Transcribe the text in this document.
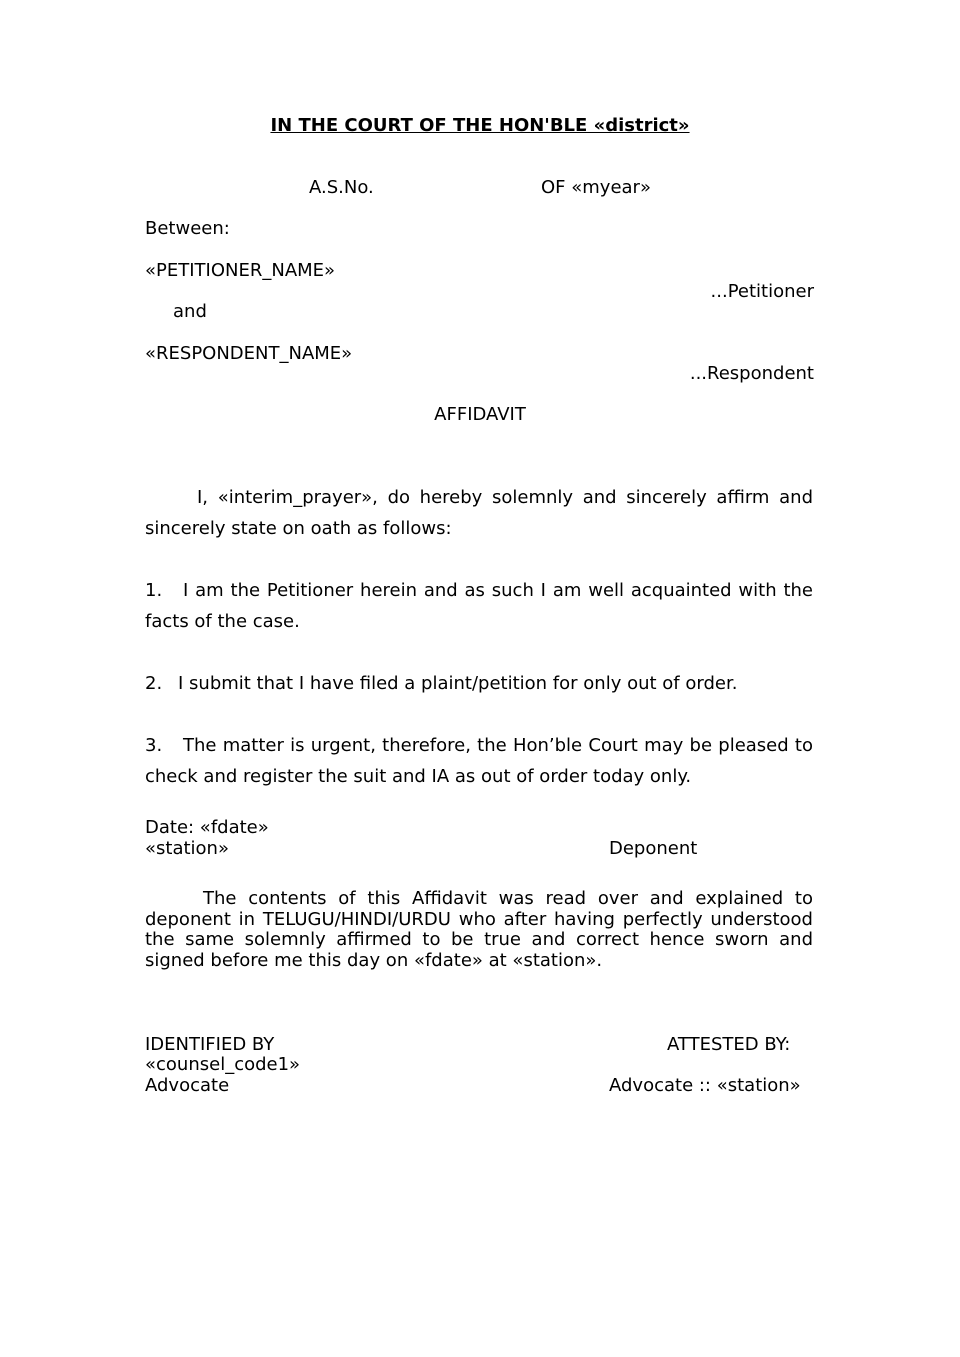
IN THE COURT OF THE HON'BLE «district»
A.S.No.	OF «myear»
Between:
«PETITIONER_NAME»
...Petitioner
and
«RESPONDENT_NAME»
...Respondent
AFFIDAVIT
I, «interim_prayer», do hereby solemnly and sincerely affirm and sincerely state on oath as follows:
1. I am the Petitioner herein and as such I am well acquainted with the facts of the case.
2. I submit that I have filed a plaint/petition for only out of order.
3. The matter is urgent, therefore, the Hon’ble Court may be pleased to check and register the suit and IA as out of order today only.
Date: «fdate»
«station»	Deponent
The contents of this Affidavit was read over and explained to deponent in TELUGU/HINDI/URDU who after having perfectly understood the same solemnly affirmed to be true and correct hence sworn and signed before me this day on «fdate» at «station».
IDENTIFIED BY	ATTESTED BY:
«counsel_code1»
Advocate	Advocate :: «station»
